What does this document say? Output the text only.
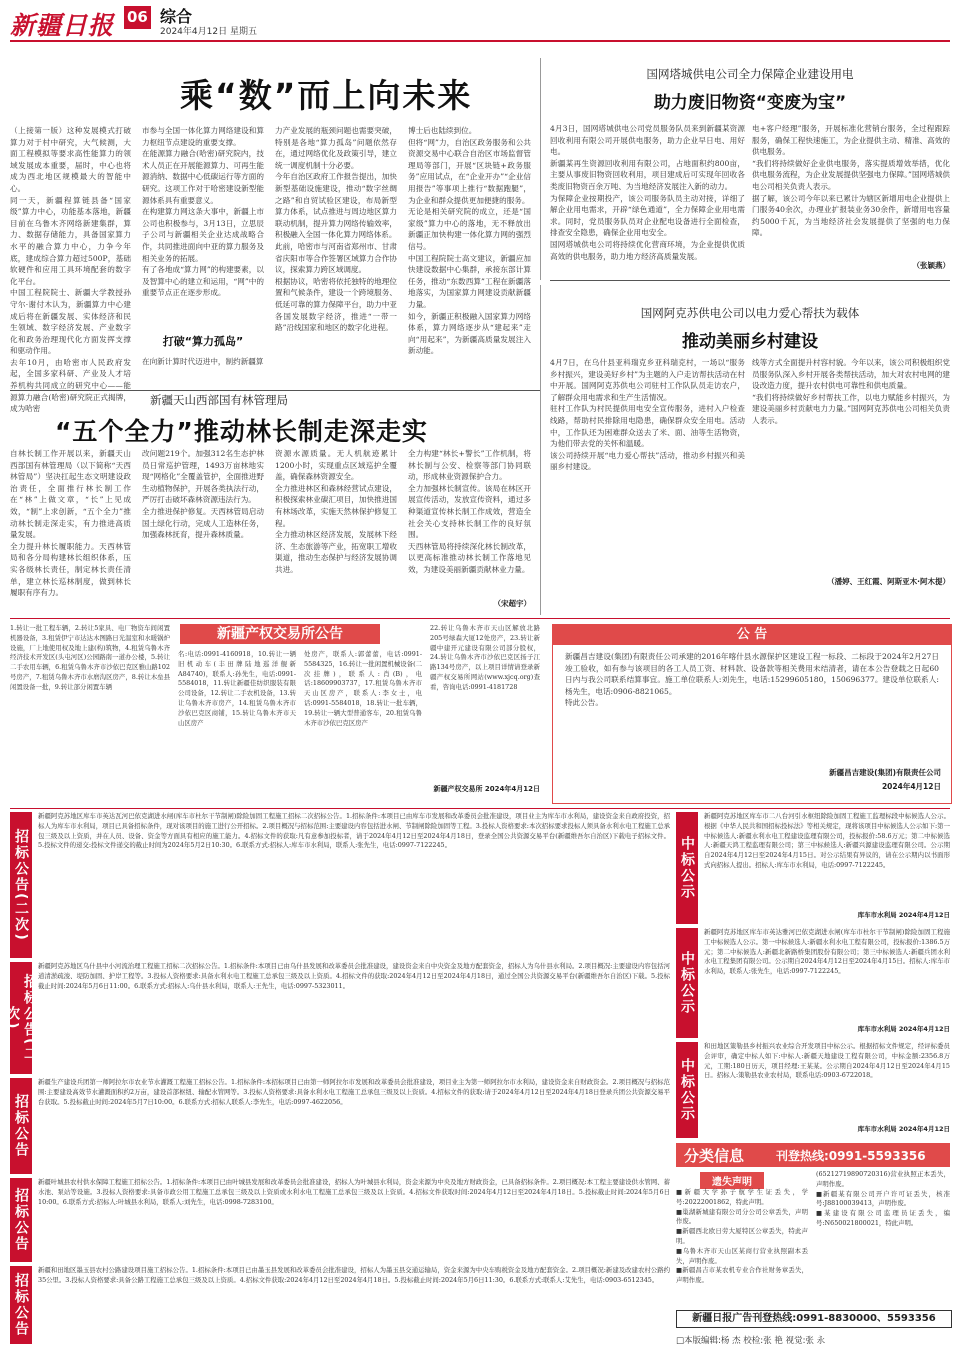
新疆日报 06 综合
2024年4月12日 星期五
乘“数”而上向未来
（上接第一版）这种发展模式打破算力对于村中研究，大气候测，大面工程模拟等要求高性能算力的领域发展成本重要，届时，中心也将成为西北地区规模最大的智能中心。
同一天，新疆程算链县备“国家级”算力中心，功能基本落地，新疆目前在乌鲁木齐网络新建集群，算力、数据存储能力，具备国家算力水平的融合算力中心，力争今年底，建成综合算力超过500P，基础软硬件和应用工具环境配套的数字化平台。
中国工程院院士、新疆大学教授孙守尔·谢付木认为，新疆算力中心建成后将在新疆发展、实体经济和民生领域、数字经济发展、产业数字化和政务治理现代化方面发挥支撑和驱动作用。
去年10月，由哈密市人民政府发起，全国多家科研、产业及人才培养机构共同成立的研究中心——能源算力融合(哈密)研究院正式揭牌，成为哈密
市参与全国一体化算力网络建设和算力枢纽节点建设的重要支撑。
在能源算力融合(哈密)研究院内，技术人员正在开展能源算力、可再生能源消纳、数据中心低碳运行等方面的研究。这项工作对于哈密建设新型能源体系具有重要意义。
在构建算力网这条大事中，新疆上市公司也积极参与，3月13日，立思辰子公司与新疆相关企业达成战略合作，共同推进面向中亚的算力服务及相关业务的拓展。
有了各地成“算力网”的构建要素，以及智算中心的建立和运用，“网”中的重要节点正在逐步形成。
打破“算力孤岛”
在向新计算时代迈进中，制约新疆算
力产业发展的瓶颈问题也需要突破，特别是各地“算力孤岛”问题依然存在，通过网络优化及政策引导，建立统一调度机制十分必要。
今年自治区政府工作报告提出，加快新型基础设施建设，推动“数字丝绸之路”和自贸试验区建设，布局新型算力体系，试点推进与周边地区算力联动机制，提升算力网络传输效率，积极融入全国一体化算力网络体系。
此前，哈密市与河南省郑州市、甘肃省庆阳市等合作签署区域算力合作协议，探索算力跨区域调度。
根据协议，哈密将依托独特的地理位置和气候条件，建设一个跨境服务、低延可靠的算力保障平台，助力中亚各国发展数字经济，推进“一带一路”沿线国家和地区的数字化进程。
博士后也陆续到位。
但将“网”力，自治区政务服务和公共资源交易中心联合自治区市场监督管理局等部门，开展“区块链+政务服务”应用试点，在“企业开办”“企业信用报告”等事项上推行“数据跑腿”，为企业和群众提供更加便捷的服务。
无论是相关研究院的成立，还是“国家级”算力中心的落地，无不释放出新疆正加快构建一体化算力网的强烈信号。
中国工程院院士高文建议，新疆应加快建设数据中心集群，承接东部计算任务，推动“东数西算”工程在新疆落地落实，为国家算力网建设贡献新疆力量。
如今，新疆正积极融入国家算力网络体系，算力网络逐步从“建起来”走向“用起来”，为新疆高质量发展注入新动能。
国网塔城供电公司全力保障企业建设用电
助力废旧物资“变废为宝”
4月3日，国网塔城供电公司党员服务队员来到新疆某资源回收利用有限公司开展供电服务，助力企业早日电、用好电。
新疆某再生资源回收利用有限公司，占地面积约800亩，主要从事废旧物资回收利用，项目建成后可实现年回收各类废旧物资百余万吨、为当地经济发展注入新的动力。
为保障企业按期投产，该公司服务队员主动对接，详细了解企业用电需求，开辟“绿色通道”，全力保障企业用电需求。同时，党员服务队员对企业配电设备进行全面检查，排查安全隐患，确保企业用电安全。
国网塔城供电公司将持续优化营商环境，为企业提供优质高效的供电服务，助力地方经济高质量发展。
电+客户经理”服务，开展标准化营销台服务，全过程跟踪服务，确保工程快速施工，为企业提供主动、精准、高效的供电服务。
“我们将持续做好企业供电服务，落实提质增效举措，优化供电服务流程，为企业发展提供坚强电力保障。”国网塔城供电公司相关负责人表示。
据了解，该公司今年以来已累计为辖区新增用电企业提供上门服务40余次，办理业扩报装业务30余件，新增用电容量约5000千瓦，为当地经济社会发展提供了坚强的电力保障。
（张颖燕）
国网阿克苏供电公司以电力爱心帮扶为载体
推动美丽乡村建设
4月7日，在乌什县亚科瑞克乡亚科瑞克村，一场以“服务乡村振兴，建设美好乡村”为主题的入户走访帮扶活动在村中开展。国网阿克苏供电公司驻村工作队队员走访农户，了解群众用电需求和生产生活情况。
驻村工作队为村民提供用电安全宣传服务，进村入户检查线路，帮助村民排除用电隐患，确保群众安全用电。活动中，工作队还为困难群众送去了米、面、油等生活物资，为他们带去党的关怀和温暖。
该公司持续开展“电力爱心帮扶”活动，推动乡村振兴和美丽乡村建设。
线等方式全面提升村容村貌。今年以来，该公司积极组织党员服务队深入乡村开展各类帮扶活动，加大对农村电网的建设改造力度，提升农村供电可靠性和供电质量。
“我们将持续做好乡村帮扶工作，以电力赋能乡村振兴，为建设美丽乡村贡献电力力量。”国网阿克苏供电公司相关负责人表示。
（潘婷、王红霞、阿斯亚木·阿木提）
新疆天山西部国有林管理局
“五个全力”推动林长制走深走实
自林长制工作开展以来，新疆天山西部国有林管理局（以下简称“天西林管局”）坚决扛起生态文明建设政治责任，全面推行林长制工作在“林”上做文章，“长”上见成效，“制”上求创新，“五个全力”推动林长制走深走实，有力推进高质量发展。
全力提升林长履职能力。天西林管局和各分局构建林长组织体系，压实各级林长责任，制定林长责任清单，建立林长巡林制度，做到林长履职有序有力。
改问题219个。加强312名生态护林员日常巡护管理，1493万亩林地实现“网格化”全覆盖管护，全面推进野生动植物保护，开展各类执法行动，严厉打击破坏森林资源违法行为。
全力推进保护修复。天西林管局启动国土绿化行动，完成人工造林任务，加强森林抚育，提升森林质量。
资源水源质量。无人机航迹累计1200小时，实现重点区域巡护全覆盖，确保森林资源安全。
全力推进林区和森林经营试点建设，积极探索林业碳汇项目，加快推进国有林场改革，实施天然林保护修复工程。
全力推动林区经济发展，发展林下经济、生态旅游等产业，拓宽职工增收渠道，推动生态保护与经济发展协调共进。
全力构建“林长+警长”工作机制，将林长制与公安、检察等部门协同联动，形成林业资源保护合力。
全力加强林长制宣传。该局在林区开展宣传活动，发放宣传资料，通过多种渠道宣传林长制工作成效，营造全社会关心支持林长制工作的良好氛围。
天西林管局将持续深化林长制改革，以更高标准推动林长制工作落地见效，为建设美丽新疆贡献林业力量。
（宋超宇）
新疆产权交易所公告
1.转让一批工程车辆，2.转让5家具、电厂物资车间闲置机器设备，3.租赁伊宁市达达木图路日光温室和水暖锅炉设施，厂上地使用权及地上建(构)筑物，4.租赁乌鲁木齐经济技术开发区(头屯河区)公园路南一道办公楼，5.转让二手农用车辆，6.租赁乌鲁木齐市沙依巴克区雅山路102号房产，7.租赁乌鲁木齐市水磨沟区房产，8.转让木垒县闲置设备一批，9.转让部分闲置车辆
名:电话:0991-4160918，10.转让一辆旧机动车(丰田牌陆地巡洋舰新A84740)，联系人:孙先生，电话:0991-5584018，11.转让新疆佳纺织服装有限公司设备，12.转让二手农机设备，13.转让乌鲁木齐市房产，14.租赁乌鲁木齐市沙依巴克区商铺，15.转让乌鲁木齐市天山区房产
处房产，联系人:郭蕾蕾，电话:0991-5584325，16.转让一批闲置机械设备(二次挂牌)，联系人:肖(B)，电话:18609903737，17.租赁乌鲁木齐市天山区房产，联系人:李女士，电话:0991-5584018，18.转让一批车辆，19.转让一辆大型普通客车，20.租赁乌鲁木齐市沙依巴克区房产
22.转让乌鲁木齐市天山区解放北路205号绿森大厦12处房产，23.转让新疆中建开元建设有限公司部分股权，24.转让乌鲁木齐市沙依巴克区扬子江路134号房产，以上项目详情请登录新疆产权交易所网站(www.xjcq.org)查看，咨询电话:0991-4181728
新疆产权交易所 2024年4月12日
公 告
新疆昌吉建设(集团)有限责任公司承建的2016年喀什县水源保护区建设工程一标段、二标段于2024年2月27日竣工验收，如有参与该项目的各工人员工资、材料款、设备款等相关费用未结清者，请在本公告登载之日起60日内与我公司联系结算事宜。施工单位联系人:刘先生，电话:15299605180，150696377。建设单位联系人:杨先生，电话:0906-8821065。
特此公告。
新疆昌吉建设(集团)有限责任公司
2024年4月12日
招标公告(二次)
招标公告(二次)
招标公告
招标公告
招标公告
新疆阿克苏地区库车市英达瓦河巴依克湖进水闸(库车市杜尔干节制闸)除险加固工程施工招标二次招标公告。1.招标条件:本项目已由库车市发展和改革委员会批准建设，项目业主为库车市水利局，建设资金来自政府投资，招标人为库车市水利局，项目已具备招标条件，现对该项目的施工进行公开招标。2.项目概况与招标范围:主要建设内容包括进水闸、节制闸除险加固等工程。3.投标人资格要求:本次招标要求投标人须具备水利水电工程施工总承包三级及以上资质，并在人员、设备、资金等方面具有相应的施工能力。4.招标文件的获取:凡有意参加投标者，请于2024年4月12日至2024年4月18日，登录全国公共资源交易平台(新疆维吾尔自治区)下载电子招标文件。5.投标文件的递交:投标文件递交的截止时间为2024年5月2日10:30。6.联系方式:招标人:库车市水利局，联系人:张先生，电话:0997-7122245。
新疆阿克苏地区乌什县中小河流治理工程施工招标二次招标公告。1.招标条件:本项目已由乌什县发展和改革委员会批准建设，建设资金来自中央资金及地方配套资金，招标人为乌什县水利局。2.项目概况:主要建设内容包括河道清淤疏浚、堤防加固、护岸工程等。3.投标人资格要求:具备水利水电工程施工总承包三级及以上资质。4.招标文件的获取:2024年4月12日至2024年4月18日，通过全国公共资源交易平台(新疆维吾尔自治区)下载。5.投标截止时间:2024年5月6日11:00。6.联系方式:招标人:乌什县水利局，联系人:王先生，电话:0997-5323011。
新疆生产建设兵团第一师阿拉尔市农业节水灌溉工程施工招标公告。1.招标条件:本招标项目已由第一师阿拉尔市发展和改革委员会批准建设，项目业主为第一师阿拉尔市水利局，建设资金来自财政资金。2.项目概况与招标范围:主要建设高效节水灌溉面积约2万亩，建设首部枢纽、输配水管网等。3.投标人资格要求:具备水利水电工程施工总承包三级及以上资质。4.招标文件的获取:请于2024年4月12日至2024年4月18日登录兵团公共资源交易平台获取。5.投标截止时间:2024年5月7日10:00。6.联系方式:招标人联系人:李先生，电话:0997-4622056。
新疆叶城县农村供水保障工程施工招标公告。1.招标条件:本项目已由叶城县发展和改革委员会批准建设，招标人为叶城县水利局，资金来源为中央及地方财政资金，已具备招标条件。2.项目概况:本工程主要建设供水管网、蓄水池、泵站等设施。3.投标人资格要求:具备市政公用工程施工总承包三级及以上资质或水利水电工程施工总承包三级及以上资质。4.招标文件获取时间:2024年4月12日至2024年4月18日。5.投标截止时间:2024年5月6日10:00。6.联系方式:招标人:叶城县水利局，联系人:刘先生，电话:0998-7283100。
新疆和田地区墨玉县农村公路建设项目施工招标公告。1.招标条件:本项目已由墨玉县发展和改革委员会批准建设，招标人为墨玉县交通运输局，资金来源为中央车购税资金及地方配套资金。2.项目概况:新建及改建农村公路约35公里。3.投标人资格要求:具备公路工程施工总承包三级及以上资质。4.招标文件获取:2024年4月12日至2024年4月18日。5.投标截止时间:2024年5月6日11:30。6.联系方式:联系人:艾先生，电话:0903-6512345。
中标公示
中标公示
中标公示
新疆阿克苏地区库车市二八台河引水枢纽除险加固工程施工监理标段中标候选人公示。根据《中华人民共和国招标投标法》等相关规定，现将该项目中标候选人公示如下:第一中标候选人:新疆水利水电工程建设监理有限公司，投标报价:58.6万元；第二中标候选人:新疆天鸿工程监理有限公司；第三中标候选人:新疆兴源建设监理有限公司。公示期自2024年4月12日至2024年4月15日。对公示结果有异议的，请在公示期内以书面形式向招标人提出。招标人:库车市水利局，电话:0997-7122245。
库车市水利局 2024年4月12日
新疆阿克苏地区库车市英达雅河巴依克湖进水闸(库车市杜尔干节制闸)除险加固工程施工中标候选人公示。第一中标候选人:新疆水利水电工程有限公司，投标报价:1386.5万元；第二中标候选人:新疆北新路桥集团股份有限公司；第三中标候选人:新疆兵团水利水电工程集团有限公司。公示期自2024年4月12日至2024年4月15日。招标人:库车市水利局，联系人:张先生，电话:0997-7122245。
库车市水利局 2024年4月12日
和田地区策勒县乡村振兴农业综合开发项目中标公示。根据招标文件规定，经评标委员会评审，确定中标人如下:中标人:新疆天地建设工程有限公司，中标金额:2356.8万元，工期:180日历天，项目经理:王某某。公示期自2024年4月12日至2024年4月15日。招标人:策勒县农业农村局，联系电话:0903-6722018。
库车市水利局 2024年4月12日
分类信息	刊登热线:0991-5593356
遗失声明
■新疆大学孙子航学生证丢失，学号:20222001862，特此声明。
■巢湖新城建有限公司分公司公章丢失，声明作废。
■新疆西北欧日劳大厦特区公章丢失，特此声明。
■乌鲁木齐市天山区某商行营业执照副本丢失，声明作废。
■新疆昌吉市某农机专业合作社财务章丢失，声明作废。
(65212719890720316)营业执照正本丢失，声明作废。
■新疆某有限公司开户许可证丢失，核准号:J88100039413，声明作废。
■某建设有限公司监理员证丢失，编号:N650021800021，特此声明。
新疆日报广告刊登热线:0991-8830000、5593356
□本版编辑:杨 杰 校检:张 艳 视觉:张 永
